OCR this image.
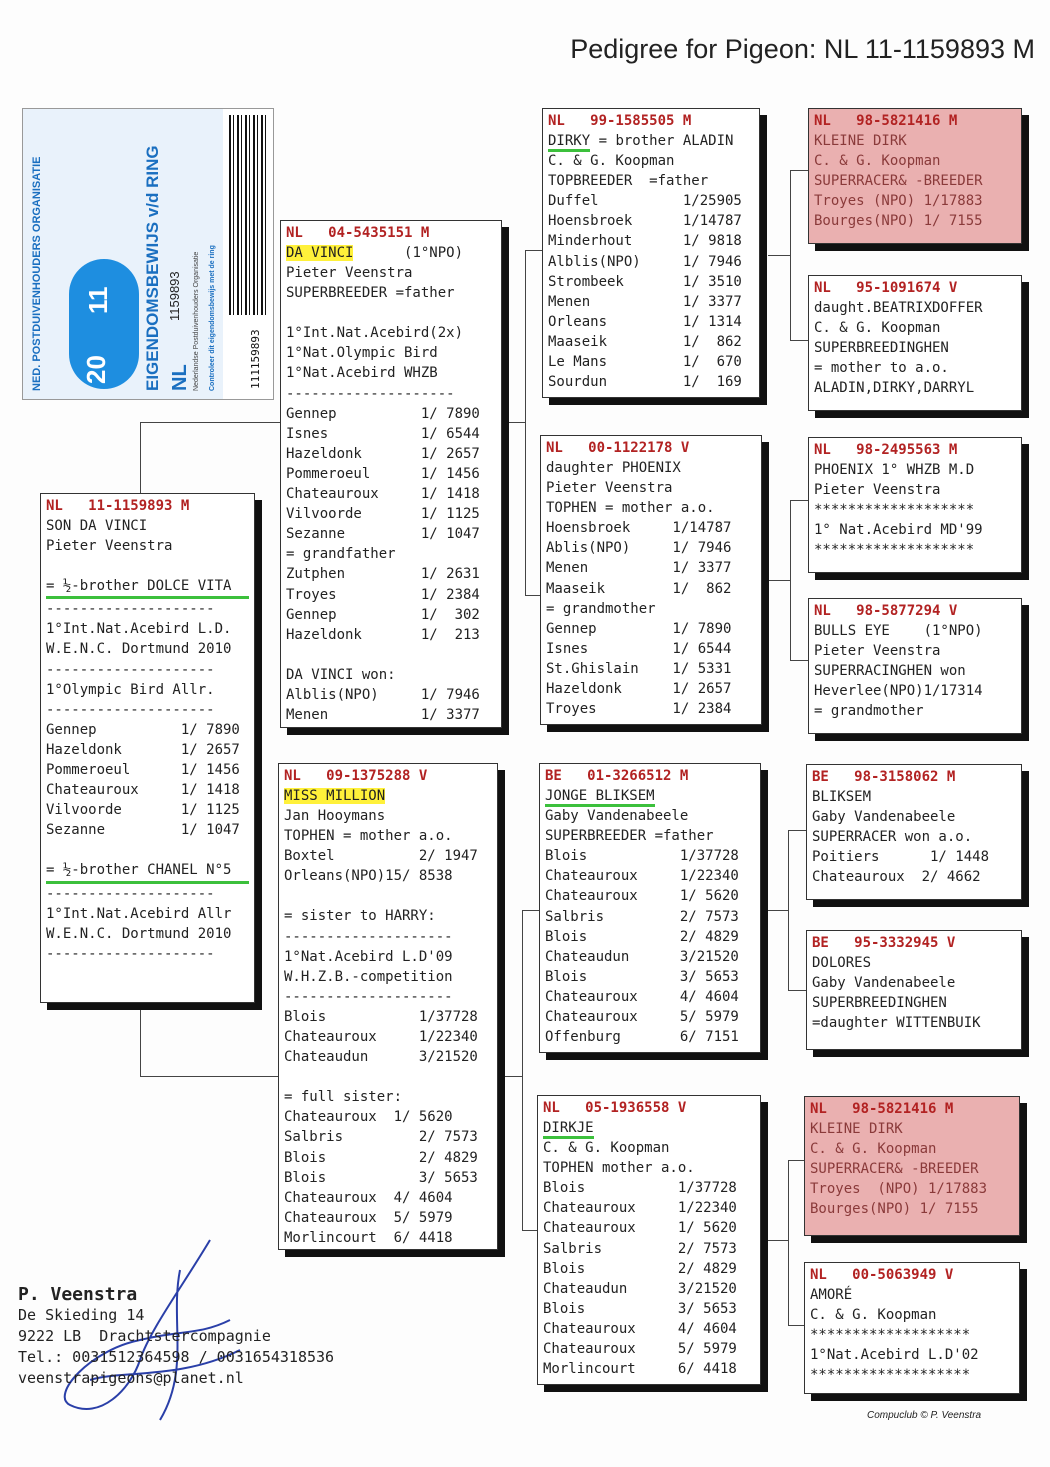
Pedigree for Pigeon: NL 11-1159893 M
NED. POSTDUIVENHOUDERS ORGANISATIE 20
11 EIGENDOMSBEWIJS v/d RING NL
1159893	Controleer dit eigendomsbewijs met de ring
Nederlandse Postduivenhouders Organisatie	111159893
NL   11-1159893 M
SON DA VINCI
Pieter Veenstra
= ½-brother DOLCE VITA
--------------------
1°Int.Nat.Acebird L.D.
W.E.N.C. Dortmund 2010
--------------------
1°Olympic Bird Allr.
--------------------
Gennep          1/ 7890
Hazeldonk       1/ 2657
Pommeroeul      1/ 1456
Chateauroux     1/ 1418
Vilvoorde       1/ 1125
Sezanne         1/ 1047
= ½-brother CHANEL N°5
--------------------
1°Int.Nat.Acebird Allr
W.E.N.C. Dortmund 2010
--------------------
NL   04-5435151 M
DA VINCI      (1°NPO)
Pieter Veenstra
SUPERBREEDER =father
1°Int.Nat.Acebird(2x)
1°Nat.Olympic Bird
1°Nat.Acebird WHZB
--------------------
Gennep          1/ 7890
Isnes           1/ 6544
Hazeldonk       1/ 2657
Pommeroeul      1/ 1456
Chateauroux     1/ 1418
Vilvoorde       1/ 1125
Sezanne         1/ 1047
= grandfather
Zutphen         1/ 2631
Troyes          1/ 2384
Gennep          1/  302
Hazeldonk       1/  213
DA VINCI won:
Alblis(NPO)     1/ 7946
Menen           1/ 3377
NL   09-1375288 V
MISS MILLION
Jan Hooymans
TOPHEN = mother a.o.
Boxtel          2/ 1947
Orleans(NPO)15/ 8538
= sister to HARRY:
--------------------
1°Nat.Acebird L.D'09
W.H.Z.B.-competition
--------------------
Blois           1/37728
Chateauroux     1/22340
Chateaudun      3/21520
= full sister:
Chateauroux  1/ 5620
Salbris         2/ 7573
Blois           2/ 4829
Blois           3/ 5653
Chateauroux  4/ 4604
Chateauroux  5/ 5979
Morlincourt  6/ 4418
NL   99-1585505 M
DIRKY = brother ALADIN
C. & G. Koopman
TOPBREEDER  =father
Duffel          1/25905
Hoensbroek      1/14787
Minderhout      1/ 9818
Alblis(NPO)     1/ 7946
Strombeek       1/ 3510
Menen           1/ 3377
Orleans         1/ 1314
Maaseik         1/  862
Le Mans         1/  670
Sourdun         1/  169
NL   00-1122178 V
daughter PHOENIX
Pieter Veenstra
TOPHEN = mother a.o.
Hoensbroek     1/14787
Ablis(NPO)     1/ 7946
Menen          1/ 3377
Maaseik        1/  862
= grandmother
Gennep         1/ 7890
Isnes          1/ 6544
St.Ghislain    1/ 5331
Hazeldonk      1/ 2657
Troyes         1/ 2384
BE   01-3266512 M
JONGE BLIKSEM
Gaby Vandenabeele
SUPERBREEDER =father
Blois           1/37728
Chateauroux     1/22340
Chateauroux     1/ 5620
Salbris         2/ 7573
Blois           2/ 4829
Chateaudun      3/21520
Blois           3/ 5653
Chateauroux     4/ 4604
Chateauroux     5/ 5979
Offenburg       6/ 7151
NL   05-1936558 V
DIRKJE
C. & G. Koopman
TOPHEN mother a.o.
Blois           1/37728
Chateauroux     1/22340
Chateauroux     1/ 5620
Salbris         2/ 7573
Blois           2/ 4829
Chateaudun      3/21520
Blois           3/ 5653
Chateauroux     4/ 4604
Chateauroux     5/ 5979
Morlincourt     6/ 4418
NL   98-5821416 M
KLEINE DIRK
C. & G. Koopman
SUPERRACER& -BREEDER
Troyes (NPO) 1/17883
Bourges(NPO) 1/ 7155
NL   95-1091674 V
daught.BEATRIXDOFFER
C. & G. Koopman
SUPERBREEDINGHEN
= mother to a.o.
ALADIN,DIRKY,DARRYL
NL   98-2495563 M
PHOENIX 1° WHZB M.D
Pieter Veenstra
*******************
1° Nat.Acebird MD'99
*******************
NL   98-5877294 V
BULLS EYE    (1°NPO)
Pieter Veenstra
SUPERRACINGHEN won
Heverlee(NPO)1/17314
= grandmother
BE   98-3158062 M
BLIKSEM
Gaby Vandenabeele
SUPERRACER won a.o.
Poitiers      1/ 1448
Chateauroux  2/ 4662
BE   95-3332945 V
DOLORES
Gaby Vandenabeele
SUPERBREEDINGHEN
=daughter WITTENBUIK
NL   98-5821416 M
KLEINE DIRK
C. & G. Koopman
SUPERRACER& -BREEDER
Troyes  (NPO) 1/17883
Bourges(NPO) 1/ 7155
NL   00-5063949 V
AMORÉ
C. & G. Koopman
*******************
1°Nat.Acebird L.D'02
*******************
P. Veenstra
De Skieding 14
9222 LB  Drachtstercompagnie
Tel.: 0031512364598 / 0031654318536
veenstrapigeons@planet.nl
Compuclub © P. Veenstra
